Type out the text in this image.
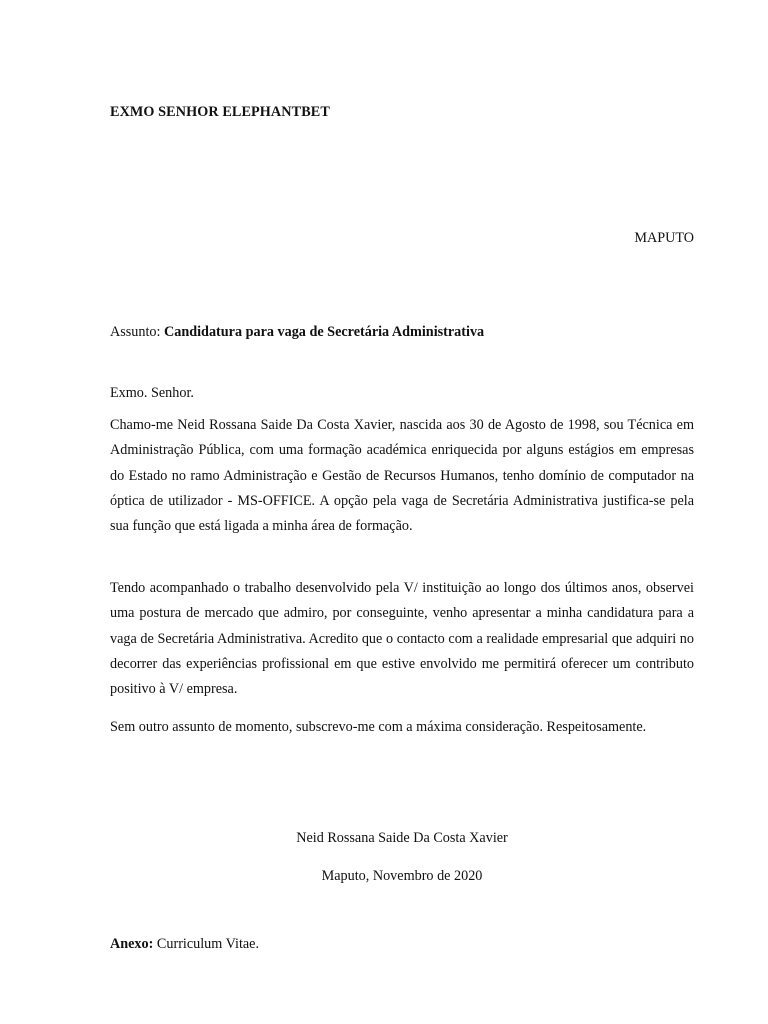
EXMO SENHOR ELEPHANTBET
MAPUTO
Assunto: Candidatura para vaga de Secretária Administrativa
Exmo. Senhor.
Chamo-me Neid Rossana Saide Da Costa Xavier, nascida aos 30 de Agosto de 1998, sou Técnica em Administração Pública, com uma formação académica enriquecida por alguns estágios em empresas do Estado no ramo Administração e Gestão de Recursos Humanos, tenho domínio de computador na óptica de utilizador - MS-OFFICE. A opção pela vaga de Secretária Administrativa justifica-se pela sua função que está ligada a minha área de formação.
Tendo acompanhado o trabalho desenvolvido pela V/ instituição ao longo dos últimos anos, observei uma postura de mercado que admiro, por conseguinte, venho apresentar a minha candidatura para a vaga de Secretária Administrativa. Acredito que o contacto com a realidade empresarial que adquiri no decorrer das experiências profissional em que estive envolvido me permitirá oferecer um contributo positivo à V/ empresa.
Sem outro assunto de momento, subscrevo-me com a máxima consideração. Respeitosamente.
Neid Rossana Saide Da Costa Xavier
Maputo, Novembro de 2020
Anexo: Curriculum Vitae.
